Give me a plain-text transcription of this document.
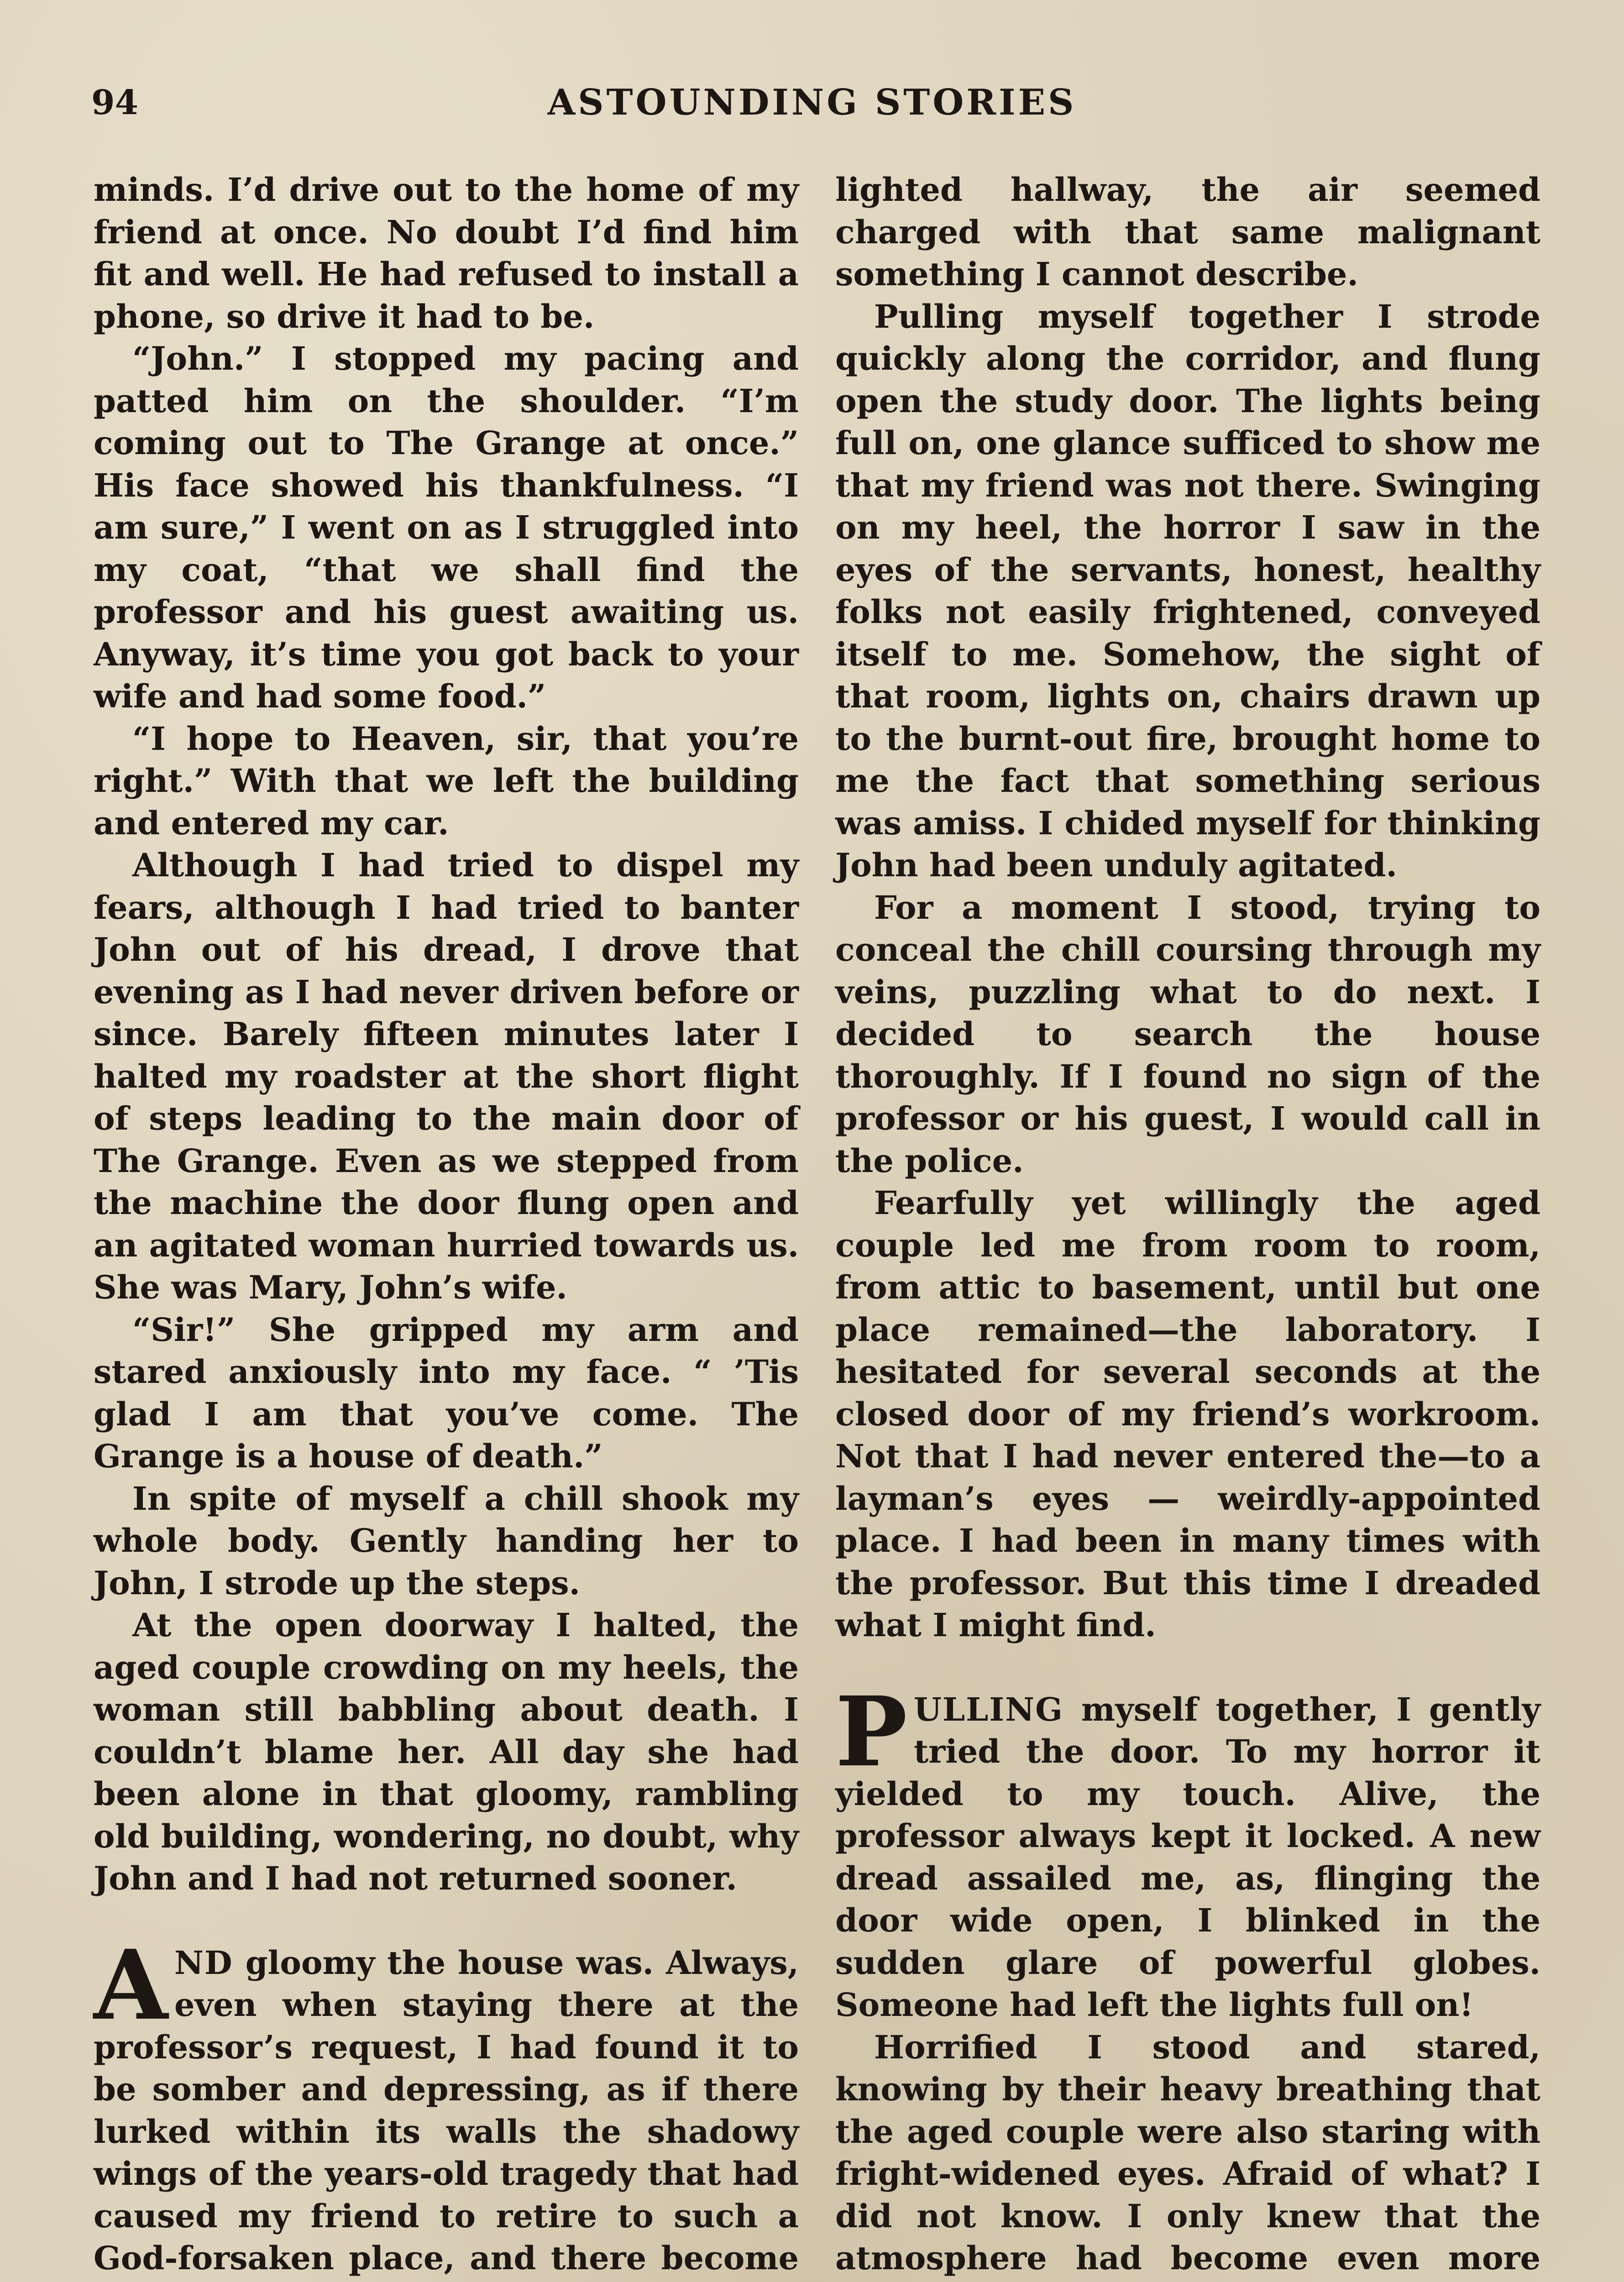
94	ASTOUNDING STORIES

minds. I’d drive out to the home of my friend at once. No doubt I’d find him fit and well. He had refused to install a phone, so drive it had to be.

“John.” I stopped my pacing and patted him on the shoulder. “I’m coming out to The Grange at once.” His face showed his thankfulness. “I am sure,” I went on as I struggled into my coat, “that we shall find the professor and his guest awaiting us. Anyway, it’s time you got back to your wife and had some food.”

“I hope to Heaven, sir, that you’re right.” With that we left the building and entered my car.

Although I had tried to dispel my fears, although I had tried to banter John out of his dread, I drove that evening as I had never driven before or since. Barely fifteen minutes later I halted my roadster at the short flight of steps leading to the main door of The Grange. Even as we stepped from the machine the door flung open and an agitated woman hurried towards us. She was Mary, John’s wife.

“Sir!” She gripped my arm and stared anxiously into my face. “ ’Tis glad I am that you’ve come. The Grange is a house of death.”

In spite of myself a chill shook my whole body. Gently handing her to John, I strode up the steps.

At the open doorway I halted, the aged couple crowding on my heels, the woman still babbling about death. I couldn’t blame her. All day she had been alone in that gloomy, rambling old building, wondering, no doubt, why John and I had not returned sooner.

AND gloomy the house was. Always, even when staying there at the professor’s request, I had found it to be somber and depressing, as if there lurked within its walls the shadowy wings of the years-old tragedy that had caused my friend to retire to such a God-forsaken place, and there become

lighted hallway, the air seemed charged with that same malignant something I cannot describe.

Pulling myself together I strode quickly along the corridor, and flung open the study door. The lights being full on, one glance sufficed to show me that my friend was not there. Swinging on my heel, the horror I saw in the eyes of the servants, honest, healthy folks not easily frightened, conveyed itself to me. Somehow, the sight of that room, lights on, chairs drawn up to the burnt-out fire, brought home to me the fact that something serious was amiss. I chided myself for thinking John had been unduly agitated.

For a moment I stood, trying to conceal the chill coursing through my veins, puzzling what to do next. I decided to search the house thoroughly. If I found no sign of the professor or his guest, I would call in the police.

Fearfully yet willingly the aged couple led me from room to room, from attic to basement, until but one place remained—the laboratory. I hesitated for several seconds at the closed door of my friend’s workroom. Not that I had never entered the—to a layman’s eyes — weirdly-appointed place. I had been in many times with the professor. But this time I dreaded what I might find.

PULLING myself together, I gently tried the door. To my horror it yielded to my touch. Alive, the professor always kept it locked. A new dread assailed me, as, flinging the door wide open, I blinked in the sudden glare of powerful globes. Someone had left the lights full on!

Horrified I stood and stared, knowing by their heavy breathing that the aged couple were also staring with fright-widened eyes. Afraid of what? I did not know. I only knew that the atmosphere had become even more
